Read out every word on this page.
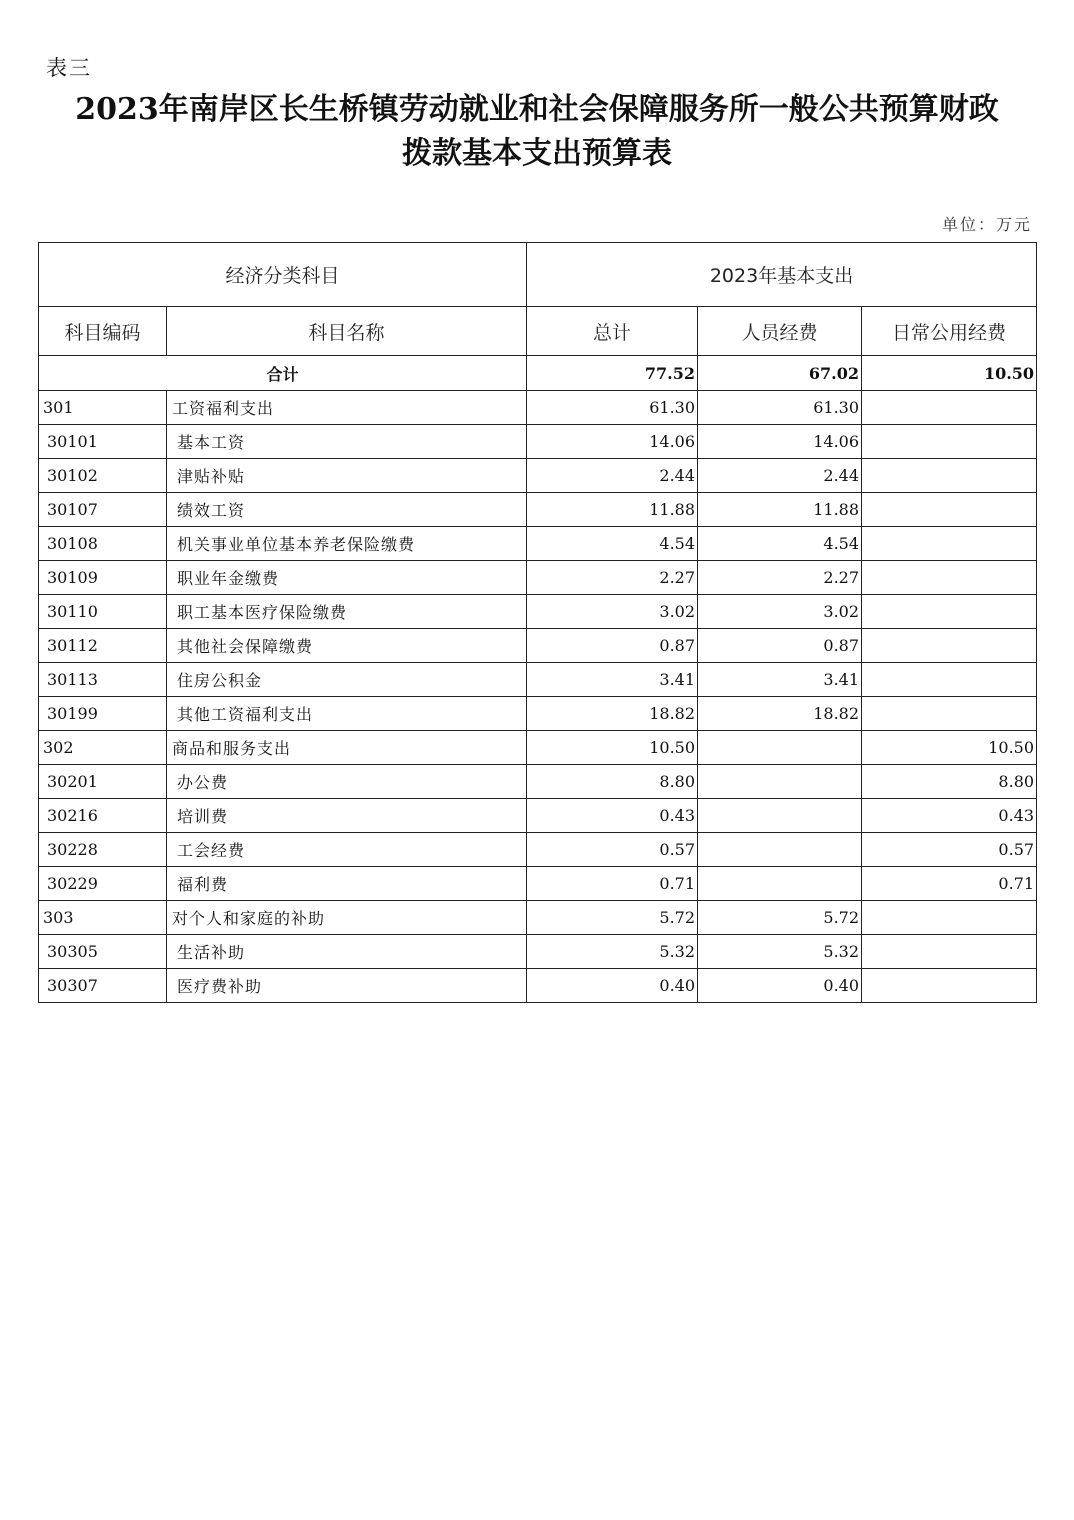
表三
2023年南岸区长生桥镇劳动就业和社会保障服务所一般公共预算财政
拨款基本支出预算表
单位：万元
经济分类科目		2023年基本支出		
科目编码	科目名称	总计	人员经费	日常公用经费
合计		77.52	67.02	10.50
301	工资福利支出	61.30	61.30	
30101	基本工资	14.06	14.06	
30102	津贴补贴	2.44	2.44	
30107	绩效工资	11.88	11.88	
30108	机关事业单位基本养老保险缴费	4.54	4.54	
30109	职业年金缴费	2.27	2.27	
30110	职工基本医疗保险缴费	3.02	3.02	
30112	其他社会保障缴费	0.87	0.87	
30113	住房公积金	3.41	3.41	
30199	其他工资福利支出	18.82	18.82	
302	商品和服务支出	10.50		10.50
30201	办公费	8.80		8.80
30216	培训费	0.43		0.43
30228	工会经费	0.57		0.57
30229	福利费	0.71		0.71
303	对个人和家庭的补助	5.72	5.72	
30305	生活补助	5.32	5.32	
30307	医疗费补助	0.40	0.40	
